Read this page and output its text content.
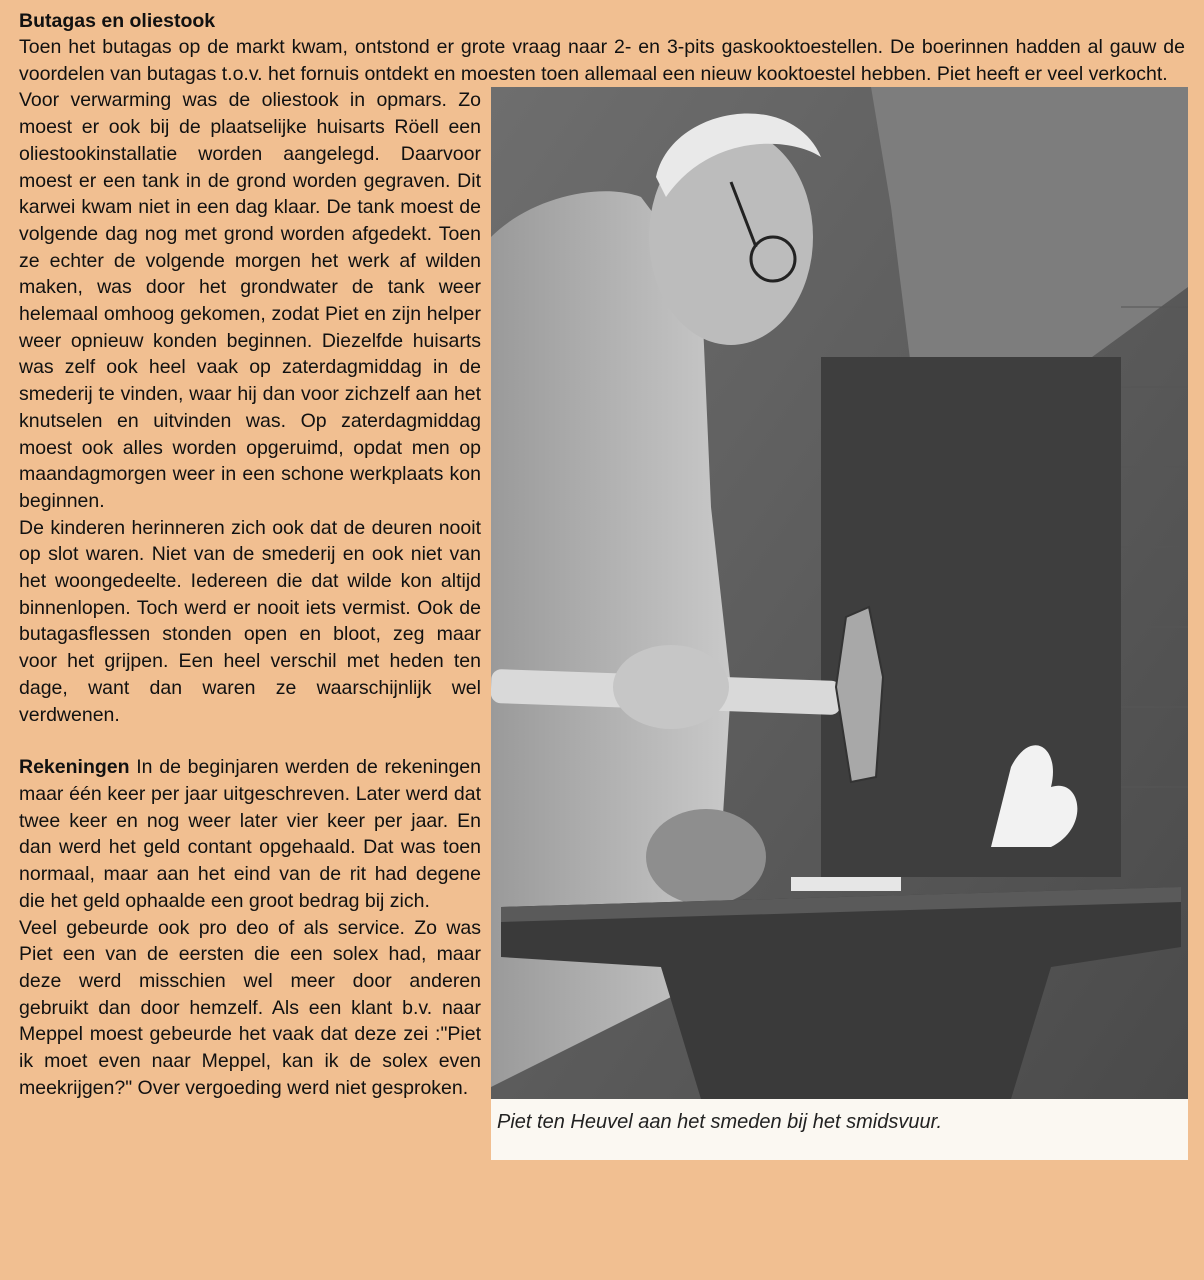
Butagas en oliestook

Toen het butagas op de markt kwam, ontstond er grote vraag naar 2- en 3-pits gaskooktoestellen. De boerinnen hadden al gauw de voordelen van butagas t.o.v. het fornuis ontdekt en moesten toen allemaal een nieuw kooktoestel hebben. Piet heeft er veel verkocht.

Piet ten Heuvel aan het smeden bij het smidsvuur.

Voor verwarming was de oliestook in opmars. Zo moest er ook bij de plaatselijke huisarts Röell een oliestookinstallatie worden aangelegd. Daarvoor moest er een tank in de grond worden gegraven. Dit karwei kwam niet in een dag klaar. De tank moest de volgende dag nog met grond worden afgedekt. Toen ze echter de volgende morgen het werk af wilden maken, was door het grondwater de tank weer helemaal omhoog gekomen, zodat Piet en zijn helper weer opnieuw konden beginnen. Diezelfde huisarts was zelf ook heel vaak op zaterdagmiddag in de smederij te vinden, waar hij dan voor zichzelf aan het knutselen en uitvinden was. Op zaterdagmiddag moest ook alles worden opgeruimd, opdat men op maandagmorgen weer in een schone werkplaats kon beginnen.

De kinderen herinneren zich ook dat de deuren nooit op slot waren. Niet van de smederij en ook niet van het woongedeelte. Iedereen die dat wilde kon altijd binnenlopen. Toch werd er nooit iets vermist. Ook de butagasflessen stonden open en bloot, zeg maar voor het grijpen. Een heel verschil met heden ten dage, want dan waren ze waarschijnlijk wel verdwenen.

Rekeningen In de beginjaren werden de rekeningen maar één keer per jaar uitgeschreven. Later werd dat twee keer en nog weer later vier keer per jaar. En dan werd het geld contant opgehaald. Dat was toen normaal, maar aan het eind van de rit had degene die het geld ophaalde een groot bedrag bij zich.

Veel gebeurde ook pro deo of als service. Zo was Piet een van de eersten die een solex had, maar deze werd misschien wel meer door anderen gebruikt dan door hemzelf. Als een klant b.v. naar Meppel moest gebeurde het vaak dat deze zei :"Piet ik moet even naar Meppel, kan ik de solex even meekrijgen?" Over vergoeding werd niet gesproken.
